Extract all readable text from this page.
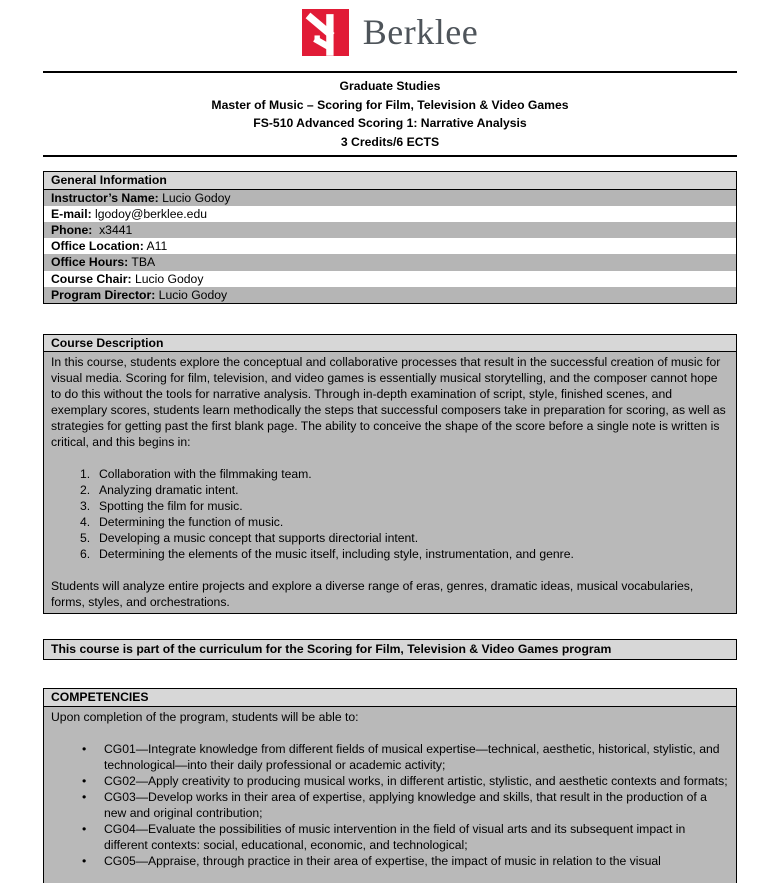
Berklee
Graduate Studies
Master of Music – Scoring for Film, Television & Video Games
FS-510 Advanced Scoring 1: Narrative Analysis
3 Credits/6 ECTS
General Information
Instructor’s Name: Lucio Godoy
E-mail: lgodoy@berklee.edu
Phone:  x3441
Office Location: A11
Office Hours: TBA
Course Chair: Lucio Godoy
Program Director: Lucio Godoy
Course Description

In this course, students explore the conceptual and collaborative processes that result in the successful creation of music for visual media. Scoring for film, television, and video games is essentially musical storytelling, and the composer cannot hope to do this without the tools for narrative analysis. Through in-depth examination of script, style, finished scenes, and exemplary scores, students learn methodically the steps that successful composers take in preparation for scoring, as well as strategies for getting past the first blank page. The ability to conceive the shape of the score before a single note is written is critical, and this begins in:

1. Collaboration with the filmmaking team.
2. Analyzing dramatic intent.
3. Spotting the film for music.
4. Determining the function of music.
5. Developing a music concept that supports directorial intent.
6. Determining the elements of the music itself, including style, instrumentation, and genre.

Students will analyze entire projects and explore a diverse range of eras, genres, dramatic ideas, musical vocabularies, forms, styles, and orchestrations.

This course is part of the curriculum for the Scoring for Film, Television & Video Games program
COMPETENCIES

Upon completion of the program, students will be able to:

•	CG01—Integrate knowledge from different fields of musical expertise—technical, aesthetic, historical, stylistic, and technological—into their daily professional or academic activity;
•	CG02—Apply creativity to producing musical works, in different artistic, stylistic, and aesthetic contexts and formats;
•	CG03—Develop works in their area of expertise, applying knowledge and skills, that result in the production of a new and original contribution;
•	CG04—Evaluate the possibilities of music intervention in the field of visual arts and its subsequent impact in different contexts: social, educational, economic, and technological;
•	CG05—Appraise, through practice in their area of expertise, the impact of music in relation to the visual
